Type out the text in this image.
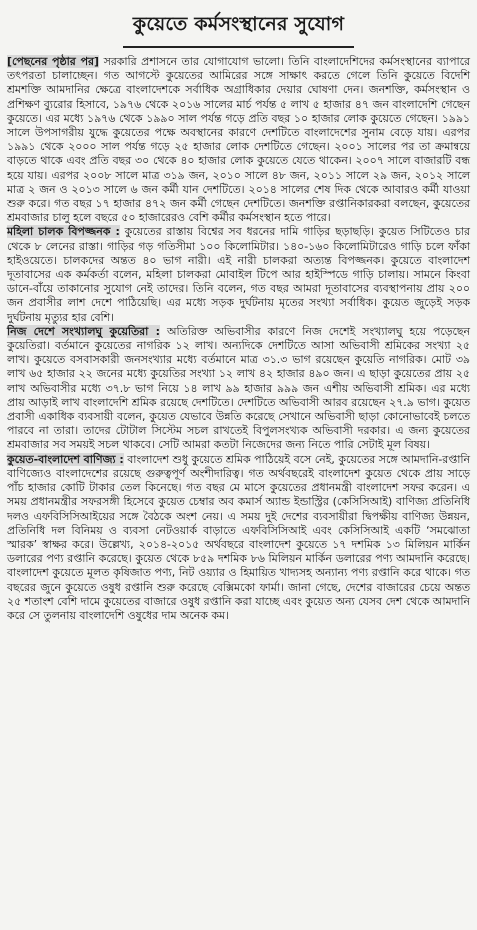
কুয়েতে কর্মসংস্থানের সুযোগ

[পেছনের পৃষ্ঠার পর] সরকারি প্রশাসনে তার যোগাযোগ ভালো। তিনি বাংলাদেশিদের কর্মসংস্থানের ব্যাপারে তৎপরতা চালাচ্ছেন। গত আগস্টে কুয়েতের আমিরের সঙ্গে সাক্ষাৎ করতে গেলে তিনি কুয়েতে বিদেশি শ্রমশক্তি আমদানির ক্ষেত্রে বাংলাদেশকে সর্বাধিক অগ্রাধিকার দেয়ার ঘোষণা দেন। জনশক্তি, কর্মসংস্থান ও প্রশিক্ষণ ব্যুরোর হিসাবে, ১৯৭৬ থেকে ২০১৬ সালের মার্চ পর্যন্ত ৫ লাখ ৫ হাজার ৪৭ জন বাংলাদেশি গেছেন কুয়েতে। এর মধ্যে ১৯৭৬ থেকে ১৯৯০ সাল পর্যন্ত গড়ে প্রতি বছর ১০ হাজার লোক কুয়েতে গেছেন। ১৯৯১ সালে উপসাগরীয় যুদ্ধে কুয়েতের পক্ষে অবস্থানের কারণে দেশটিতে বাংলাদেশের সুনাম বেড়ে যায়। এরপর ১৯৯১ থেকে ২০০০ সাল পর্যন্ত গড়ে ২৫ হাজার লোক দেশটিতে গেছেন। ২০০১ সালের পর তা ক্রমান্বয়ে বাড়তে থাকে এবং প্রতি বছর ৩০ থেকে ৪০ হাজার লোক কুয়েতে যেতে থাকেন। ২০০৭ সালে বাজারটি বন্ধ হয়ে যায়। এরপর ২০০৮ সালে মাত্র ৩১৯ জন, ২০১০ সালে ৪৮ জন, ২০১১ সালে ২৯ জন, ২০১২ সালে মাত্র ২ জন ও ২০১৩ সালে ৬ জন কর্মী যান দেশটিতে। ২০১৪ সালের শেষ দিক থেকে আবারও কর্মী যাওয়া শুরু করে। গত বছর ১৭ হাজার ৪৭২ জন কর্মী গেছেন দেশটিতে। জনশক্তি রপ্তানিকারকরা বলছেন, কুয়েতের শ্রমবাজার চালু হলে বছরে ৫০ হাজারেরও বেশি কর্মীর কর্মসংস্থান হতে পারে।

মহিলা চালক বিপজ্জনক : কুয়েতের রাস্তায় বিশ্বের সব ধরনের দামি গাড়ির ছড়াছড়ি। কুয়েত সিটিতেও চার থেকে ৮ লেনের রাস্তা। গাড়ির গড় গতিসীমা ১০০ কিলোমিটার। ১৪০-১৬০ কিলোমিটারেও গাড়ি চলে ফাঁকা হাইওয়েতে। চালকদের অন্তত ৪০ ভাগ নারী। এই নারী চালকরা অত্যন্ত বিপজ্জনক। কুয়েতে বাংলাদেশ দূতাবাসের এক কর্মকর্তা বলেন, মহিলা চালকরা মোবাইল টিপে আর হাইস্পিডে গাড়ি চালায়। সামনে কিংবা ডানে-বাঁয়ে তাকানোর সুযোগ নেই তাদের। তিনি বলেন, গত বছর আমরা দূতাবাসের ব্যবস্থাপনায় প্রায় ২০০ জন প্রবাসীর লাশ দেশে পাঠিয়েছি। এর মধ্যে সড়ক দুর্ঘটনায় মৃতের সংখ্যা সর্বাধিক। কুয়েত জুড়েই সড়ক দুর্ঘটনায় মৃত্যুর হার বেশি।

নিজ দেশে সংখ্যালঘু কুয়েতিরা : অতিরিক্ত অভিবাসীর কারণে নিজ দেশেই সংখ্যালঘু হয়ে পড়েছেন কুয়েতিরা। বর্তমানে কুয়েতের নাগরিক ১২ লাখ। অন্যদিকে দেশটিতে আসা অভিবাসী শ্রমিকের সংখ্যা ২৫ লাখ। কুয়েতে বসবাসকারী জনসংখ্যার মধ্যে বর্তমানে মাত্র ৩১.৩ ভাগ রয়েছেন কুয়েতি নাগরিক। মোট ৩৯ লাখ ৬৫ হাজার ২২ জনের মধ্যে কুয়েতির সংখ্যা ১২ লাখ ৪২ হাজার ৪৯০ জন। এ ছাড়া কুয়েতের প্রায় ২৫ লাখ অভিবাসীর মধ্যে ৩৭.৮ ভাগ নিয়ে ১৪ লাখ ৯৯ হাজার ৯৯৯ জন এশীয় অভিবাসী শ্রমিক। এর মধ্যে প্রায় আড়াই লাখ বাংলাদেশি শ্রমিক রয়েছে দেশটিতে। দেশটিতে অভিবাসী আরব রয়েছেন ২৭.৯ ভাগ। কুয়েত প্রবাসী একাধিক ব্যবসায়ী বলেন, কুয়েত যেভাবে উন্নতি করেছে সেখানে অভিবাসী ছাড়া কোনোভাবেই চলতে পারবে না তারা। তাদের টোটাল সিস্টেম সচল রাখতেই বিপুলসংখ্যক অভিবাসী দরকার। এ জন্য কুয়েতের শ্রমবাজার সব সময়ই সচল থাকবে। সেটি আমরা কতটা নিজেদের জন্য নিতে পারি সেটাই মূল বিষয়।

কুয়েত-বাংলাদেশ বাণিজ্য : বাংলাদেশ শুধু কুয়েতে শ্রমিক পাঠিয়েই বসে নেই, কুয়েতের সঙ্গে আমদানি-রপ্তানি বাণিজ্যেও বাংলাদেশের রয়েছে গুরুত্বপূর্ণ অংশীদারিত্ব। গত অর্থবছরেই বাংলাদেশ কুয়েত থেকে প্রায় সাড়ে পাঁচ হাজার কোটি টাকার তেল কিনেছে। গত বছর মে মাসে কুয়েতের প্রধানমন্ত্রী বাংলাদেশ সফর করেন। এ সময় প্রধানমন্ত্রীর সফরসঙ্গী হিসেবে কুয়েত চেম্বার অব কমার্স অ্যান্ড ইন্ডাস্ট্রির (কেসিসিআই) বাণিজ্য প্রতিনিধি দলও এফবিসিসিআইয়ের সঙ্গে বৈঠকে অংশ নেয়। এ সময় দুই দেশের ব্যবসায়ীরা দ্বিপক্ষীয় বাণিজ্য উন্নয়ন, প্রতিনিধি দল বিনিময় ও ব্যবসা নেটওয়ার্ক বাড়াতে এফবিসিসিআই এবং কেসিসিআই একটি ‘সমঝোতা স্মারক’ স্বাক্ষর করে। উল্লেখ্য, ২০১৪-২০১৫ অর্থবছরে বাংলাদেশ কুয়েতে ১৭ দশমিক ১৩ মিলিয়ন মার্কিন ডলারের পণ্য রপ্তানি করেছে। কুয়েত থেকে ৮৫৯ দশমিক ৮৬ মিলিয়ন মার্কিন ডলারের পণ্য আমদানি করেছে। বাংলাদেশ কুয়েতে মূলত কৃষিজাত পণ্য, নিট ওয়্যার ও হিমায়িত খাদ্যসহ অন্যান্য পণ্য রপ্তানি করে থাকে। গত বছরের জুনে কুয়েতে ওষুধ রপ্তানি শুরু করেছে বেক্সিমকো ফার্মা। জানা গেছে, দেশের বাজারের চেয়ে অন্তত ২৫ শতাংশ বেশি দামে কুয়েতের বাজারে ওষুধ রপ্তানি করা যাচ্ছে এবং কুয়েত অন্য যেসব দেশ থেকে আমদানি করে সে তুলনায় বাংলাদেশি ওষুধের দাম অনেক কম।
